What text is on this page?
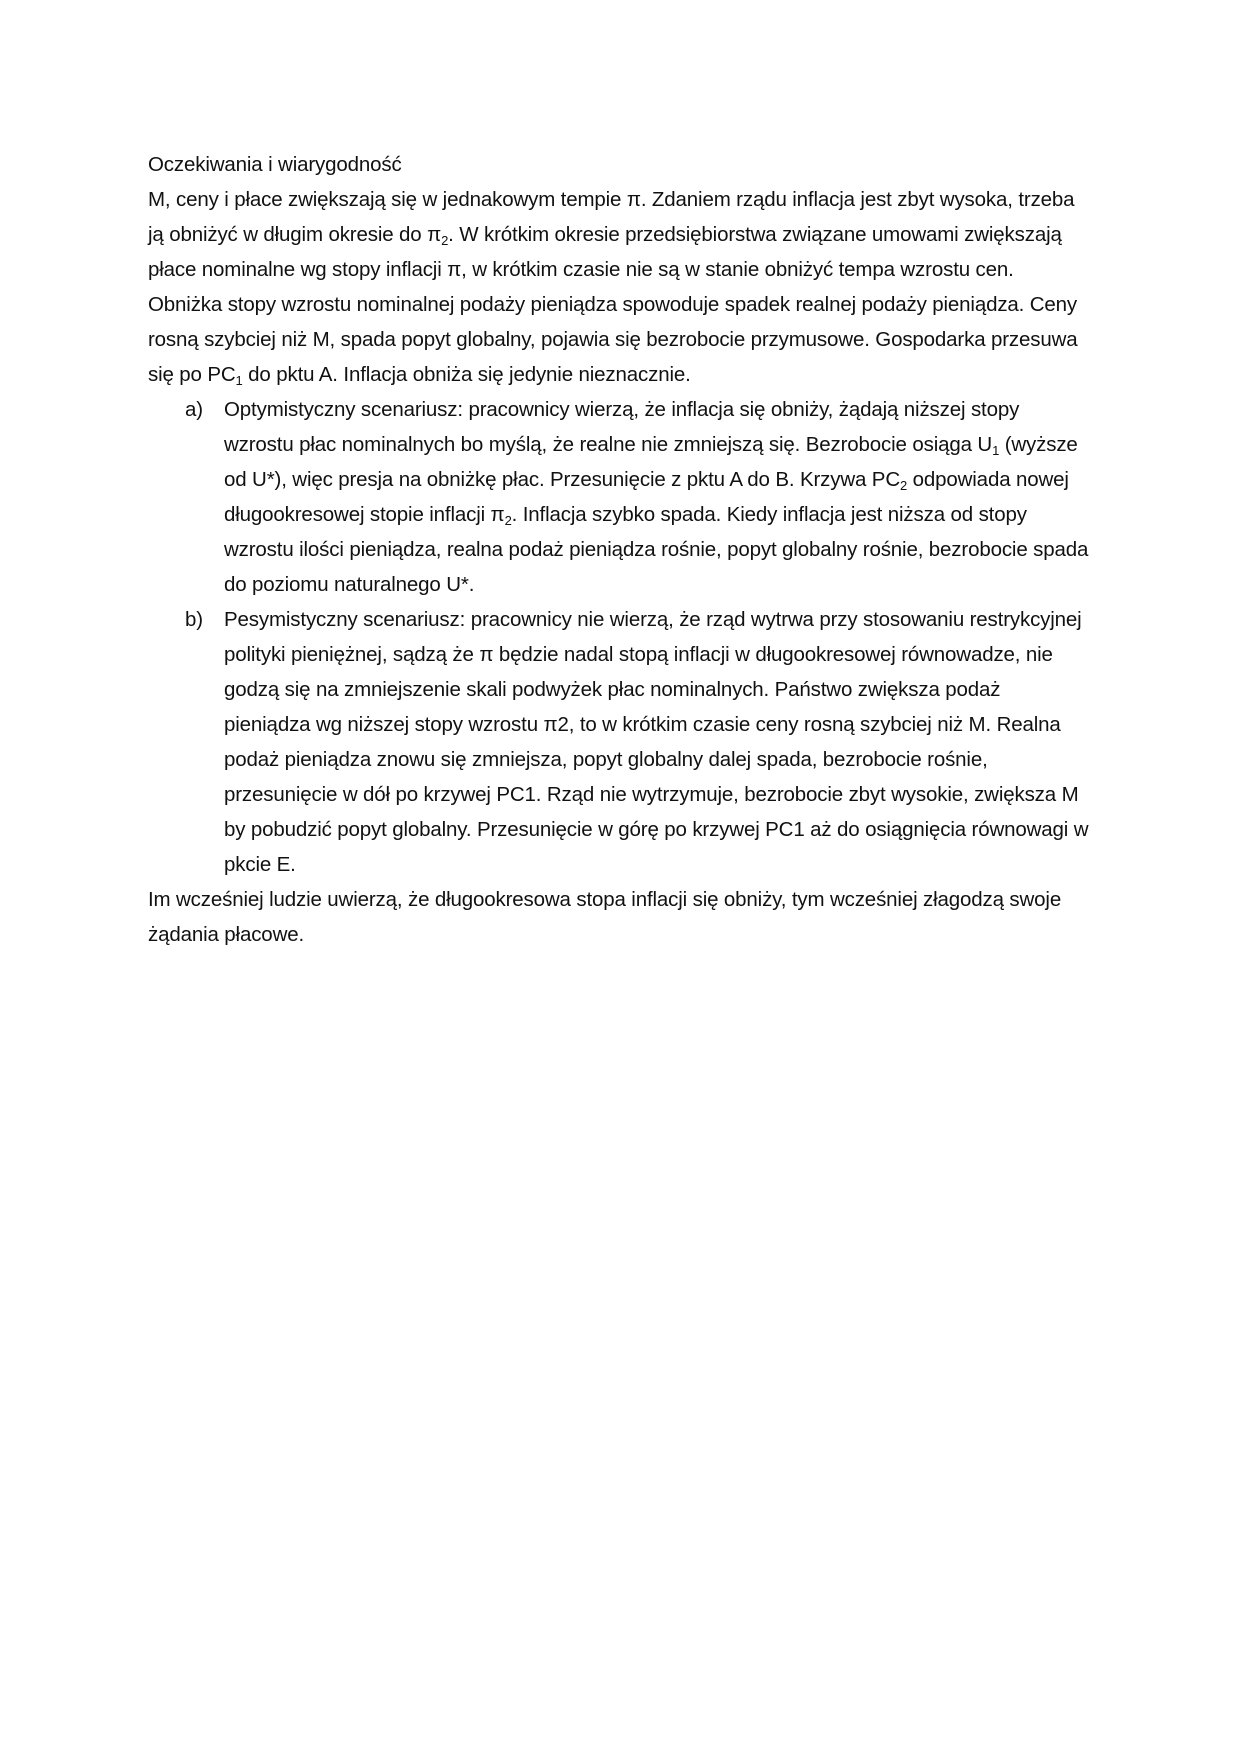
Oczekiwania i wiarygodność

M, ceny i płace zwiększają się w jednakowym tempie π. Zdaniem rządu inflacja jest zbyt wysoka, trzeba ją obniżyć w długim okresie do $\pi_2$. W krótkim okresie przedsiębiorstwa związane umowami zwiększają płace nominalne wg stopy inflacji π, w krótkim czasie nie są w stanie obniżyć tempa wzrostu cen. Obniżka stopy wzrostu nominalnej podaży pieniądza spowoduje spadek realnej podaży pieniądza. Ceny rosną szybciej niż M, spada popyt globalny, pojawia się bezrobocie przymusowe. Gospodarka przesuwa się po $PC_1$ do pktu A. Inflacja obniża się jedynie nieznacznie.

a) Optymistyczny scenariusz: pracownicy wierzą, że inflacja się obniży, żądają niższej stopy wzrostu płac nominalnych bo myślą, że realne nie zmniejszą się. Bezrobocie osiąga $U_1$ (wyższe od U*), więc presja na obniżkę płac. Przesunięcie z pktu A do B. Krzywa $PC_2$ odpowiada nowej długookresowej stopie inflacji $\pi_2$. Inflacja szybko spada. Kiedy inflacja jest niższa od stopy wzrostu ilości pieniądza, realna podaż pieniądza rośnie, popyt globalny rośnie, bezrobocie spada do poziomu naturalnego U*.
b) Pesymistyczny scenariusz: pracownicy nie wierzą, że rząd wytrwa przy stosowaniu restrykcyjnej polityki pieniężnej, sądzą że π będzie nadal stopą inflacji w długookresowej równowadze, nie godzą się na zmniejszenie skali podwyżek płac nominalnych. Państwo zwiększa podaż pieniądza wg niższej stopy wzrostu π2, to w krótkim czasie ceny rosną szybciej niż M. Realna podaż pieniądza znowu się zmniejsza, popyt globalny dalej spada, bezrobocie rośnie, przesunięcie w dół po krzywej PC1. Rząd nie wytrzymuje, bezrobocie zbyt wysokie, zwiększa M by pobudzić popyt globalny. Przesunięcie w górę po krzywej PC1 aż do osiągnięcia równowagi w pkcie E.

Im wcześniej ludzie uwierzą, że długookresowa stopa inflacji się obniży, tym wcześniej złagodzą swoje żądania płacowe.
